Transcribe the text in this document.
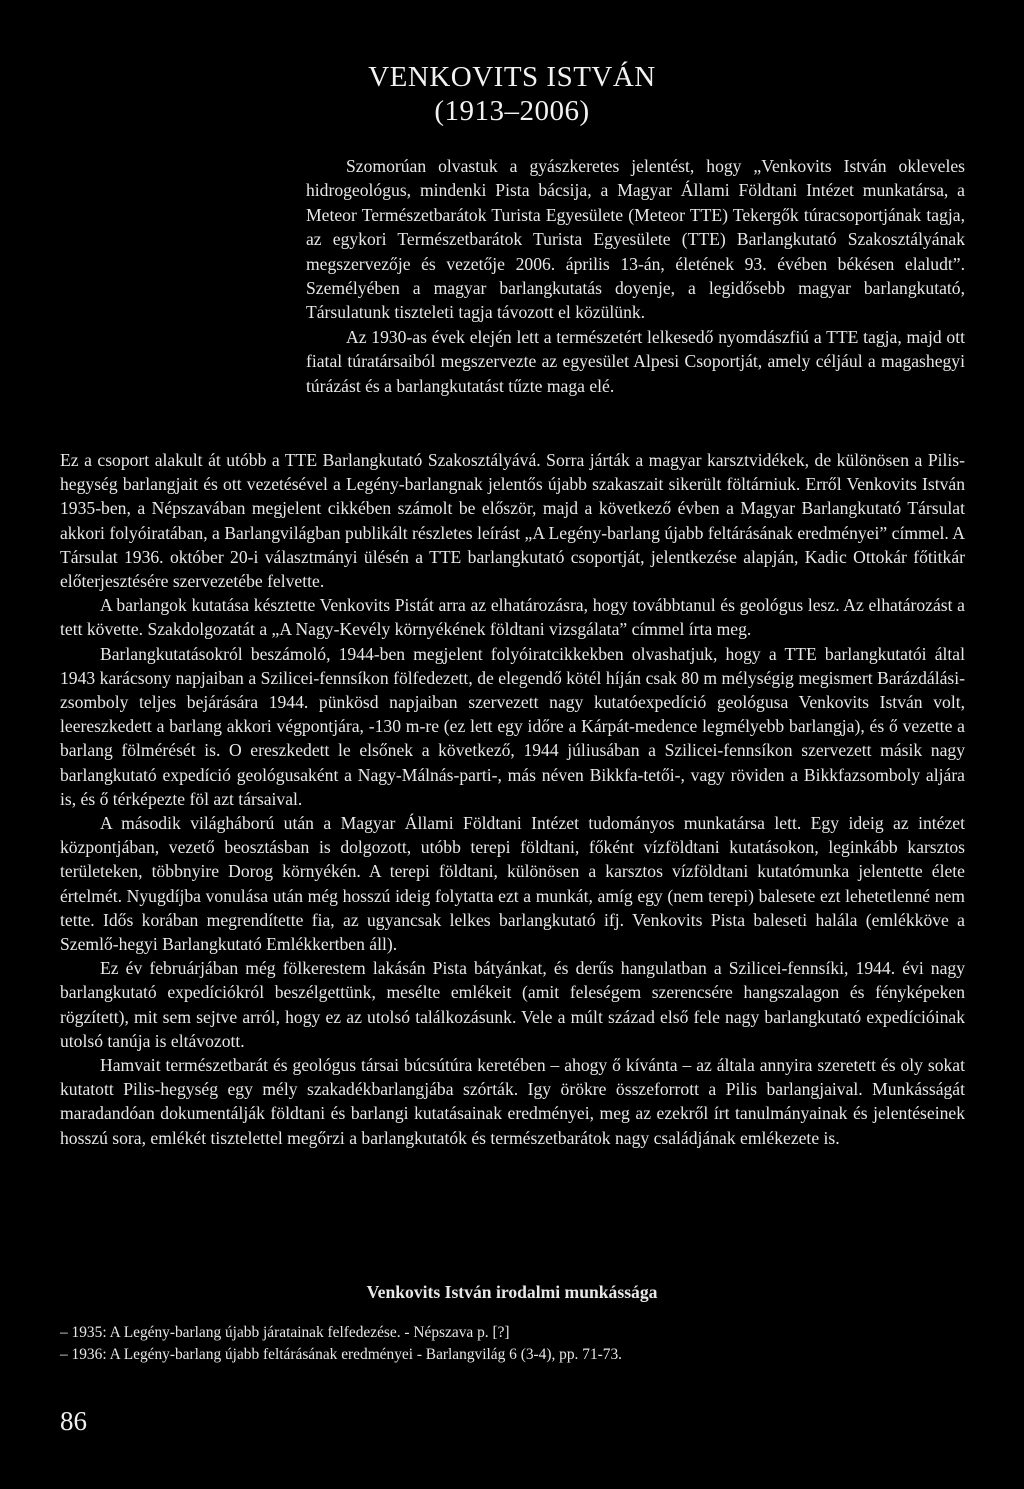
VENKOVITS ISTVÁN
(1913–2006)

Szomorúan olvastuk a gyászkeretes jelentést, hogy „Venkovits István okleveles hidrogeológus, mindenki Pista bácsija, a Magyar Állami Földtani Intézet munkatársa, a Meteor Természetbarátok Turista Egyesülete (Meteor TTE) Tekergők túracsoportjának tagja, az egykori Természetbarátok Turista Egyesülete (TTE) Barlangkutató Szakosztályának megszervezője és vezetője 2006. április 13-án, életének 93. évében békésen elaludt”. Személyében a magyar barlangkutatás doyenje, a legidősebb magyar barlangkutató, Társulatunk tiszteleti tagja távozott el közülünk.

Az 1930-as évek elején lett a természetért lelkesedő nyomdászfiú a TTE tagja, majd ott fiatal túratársaiból megszervezte az egyesület Alpesi Csoportját, amely céljául a magashegyi túrázást és a barlangkutatást tűzte maga elé.

Ez a csoport alakult át utóbb a TTE Barlangkutató Szakosztályává. Sorra járták a magyar karsztvidékek, de különösen a Pilis-hegység barlangjait és ott vezetésével a Legény-barlangnak jelentős újabb szakaszait sikerült föltárniuk. Erről Venkovits István 1935-ben, a Népszavában megjelent cikkében számolt be először, majd a következő évben a Magyar Barlangkutató Társulat akkori folyóiratában, a Barlangvilágban publikált részletes leírást „A Legény-barlang újabb feltárásának eredményei” címmel. A Társulat 1936. október 20-i választmányi ülésén a TTE barlangkutató csoportját, jelentkezése alapján, Kadic Ottokár főtitkár előterjesztésére szervezetébe felvette.

A barlangok kutatása késztette Venkovits Pistát arra az elhatározásra, hogy továbbtanul és geológus lesz. Az elhatározást a tett követte. Szakdolgozatát a „A Nagy-Kevély környékének földtani vizsgálata” címmel írta meg.

Barlangkutatásokról beszámoló, 1944-ben megjelent folyóiratcikkekben olvashatjuk, hogy a TTE barlangkutatói által 1943 karácsony napjaiban a Szilicei-fennsíkon fölfedezett, de elegendő kötél híján csak 80 m mélységig megismert Barázdálási-zsomboly teljes bejárására 1944. pünkösd napjaiban szervezett nagy kutatóexpedíció geológusa Venkovits István volt, leereszkedett a barlang akkori végpontjára, -130 m-re (ez lett egy időre a Kárpát-medence legmélyebb barlangja), és ő vezette a barlang fölmérését is. O ereszkedett le elsőnek a következő, 1944 júliusában a Szilicei-fennsíkon szervezett másik nagy barlangkutató expedíció geológusaként a Nagy-Málnás-parti-, más néven Bikkfa-tetői-, vagy röviden a Bikkfazsomboly aljára is, és ő térképezte föl azt társaival.

A második világháború után a Magyar Állami Földtani Intézet tudományos munkatársa lett. Egy ideig az intézet központjában, vezető beosztásban is dolgozott, utóbb terepi földtani, főként vízföldtani kutatásokon, leginkább karsztos területeken, többnyire Dorog környékén. A terepi földtani, különösen a karsztos vízföldtani kutatómunka jelentette élete értelmét. Nyugdíjba vonulása után még hosszú ideig folytatta ezt a munkát, amíg egy (nem terepi) balesete ezt lehetetlenné nem tette. Idős korában megrendítette fia, az ugyancsak lelkes barlangkutató ifj. Venkovits Pista baleseti halála (emlékköve a Szemlő-hegyi Barlangkutató Emlékkertben áll).

Ez év februárjában még fölkerestem lakásán Pista bátyánkat, és derűs hangulatban a Szilicei-fennsíki, 1944. évi nagy barlangkutató expedíciókról beszélgettünk, mesélte emlékeit (amit feleségem szerencsére hangszalagon és fényképeken rögzített), mit sem sejtve arról, hogy ez az utolsó találkozásunk. Vele a múlt század első fele nagy barlangkutató expedícióinak utolsó tanúja is eltávozott.

Hamvait természetbarát és geológus társai búcsútúra keretében – ahogy ő kívánta – az általa annyira szeretett és oly sokat kutatott Pilis-hegység egy mély szakadékbarlangjába szórták. Igy örökre összeforrott a Pilis barlangjaival. Munkásságát maradandóan dokumentálják földtani és barlangi kutatásainak eredményei, meg az ezekről írt tanulmányainak és jelentéseinek hosszú sora, emlékét tisztelettel megőrzi a barlangkutatók és természetbarátok nagy családjának emlékezete is.

Venkovits István irodalmi munkássága
– 1935: A Legény-barlang újabb járatainak felfedezése. - Népszava p. [?]
– 1936: A Legény-barlang újabb feltárásának eredményei - Barlangvilág 6 (3-4), pp. 71-73.
86
